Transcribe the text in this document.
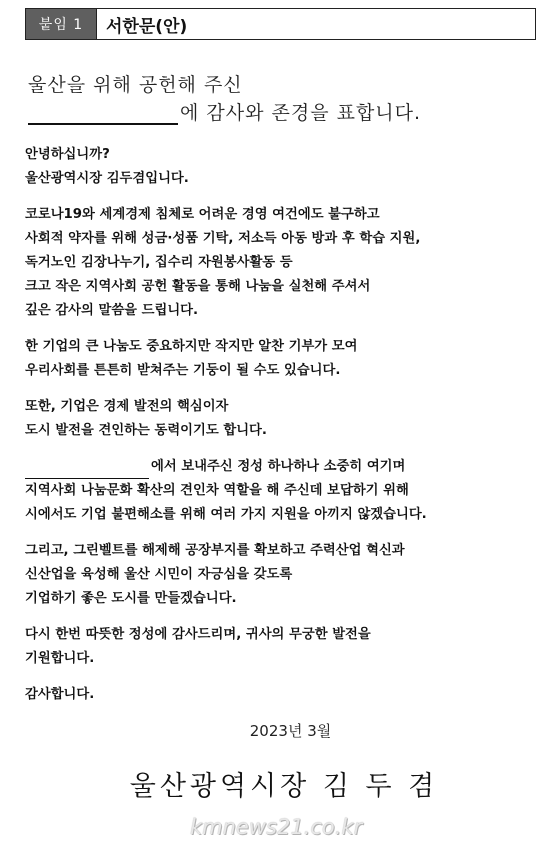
붙임 1	서한문(안)
울산을 위해 공헌해 주신
에 감사와 존경을 표합니다.

안녕하십니까?
울산광역시장 김두겸입니다.

코로나19와 세계경제 침체로 어려운 경영 여건에도 불구하고
사회적 약자를 위해 성금·성품 기탁, 저소득 아동 방과 후 학습 지원,
독거노인 김장나누기, 집수리 자원봉사활동 등
크고 작은 지역사회 공헌 활동을 통해 나눔을 실천해 주셔서
깊은 감사의 말씀을 드립니다.

한 기업의 큰 나눔도 중요하지만 작지만 알찬 기부가 모여
우리사회를 튼튼히 받쳐주는 기둥이 될 수도 있습니다.

또한, 기업은 경제 발전의 핵심이자
도시 발전을 견인하는 동력이기도 합니다.

에서 보내주신 정성 하나하나 소중히 여기며
지역사회 나눔문화 확산의 견인차 역할을 해 주신데 보답하기 위해
시에서도 기업 불편해소를 위해 여러 가지 지원을 아끼지 않겠습니다.

그리고, 그린벨트를 해제해 공장부지를 확보하고 주력산업 혁신과
신산업을 육성해 울산 시민이 자긍심을 갖도록
기업하기 좋은 도시를 만들겠습니다.

다시 한번 따뜻한 정성에 감사드리며, 귀사의 무궁한 발전을
기원합니다.

감사합니다.

2023년 3월
울산광역시장 김 두 겸
kmnews21.co.kr
